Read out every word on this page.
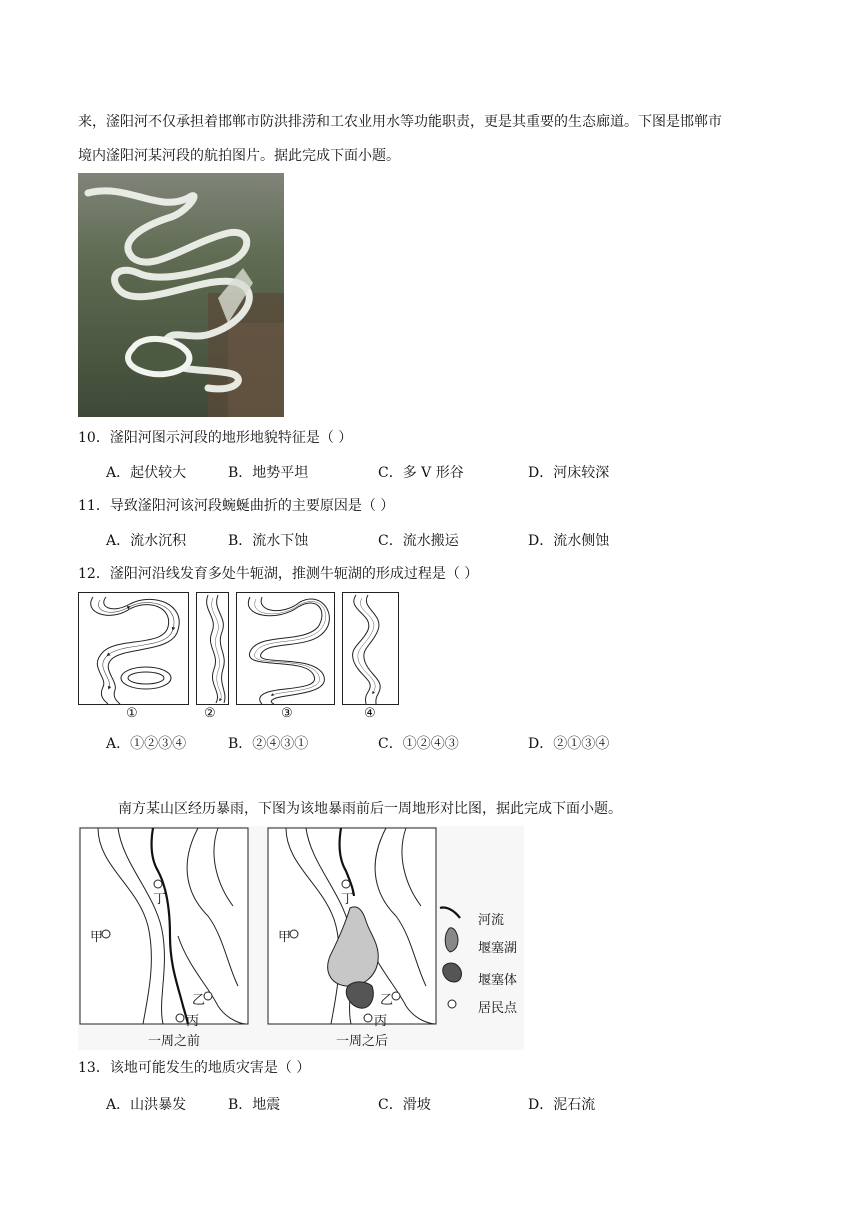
来，滏阳河不仅承担着邯郸市防洪排涝和工农业用水等功能职责，更是其重要的生态廊道。下图是邯郸市
境内滏阳河某河段的航拍图片。据此完成下面小题。
10．滏阳河图示河段的地形地貌特征是（ ）
A．起伏较大	B．地势平坦	C．多 V 形谷	D．河床较深
11．导致滏阳河该河段蜿蜒曲折的主要原因是（ ）
A．流水沉积	B．流水下蚀	C．流水搬运	D．流水侧蚀
12．滏阳河沿线发育多处牛轭湖，推测牛轭湖的形成过程是（ ）
①	②	③	④
A．①②③④	B．②④③①	C．①②④③	D．②①③④
南方某山区经历暴雨，下图为该地暴雨前后一周地形对比图，据此完成下面小题。
甲
丁
乙
丙
一周之前
甲
丁
乙
丙
一周之后
河流
堰塞湖
堰塞体
居民点
13．该地可能发生的地质灾害是（ ）
A．山洪暴发	B．地震	C．滑坡	D．泥石流
